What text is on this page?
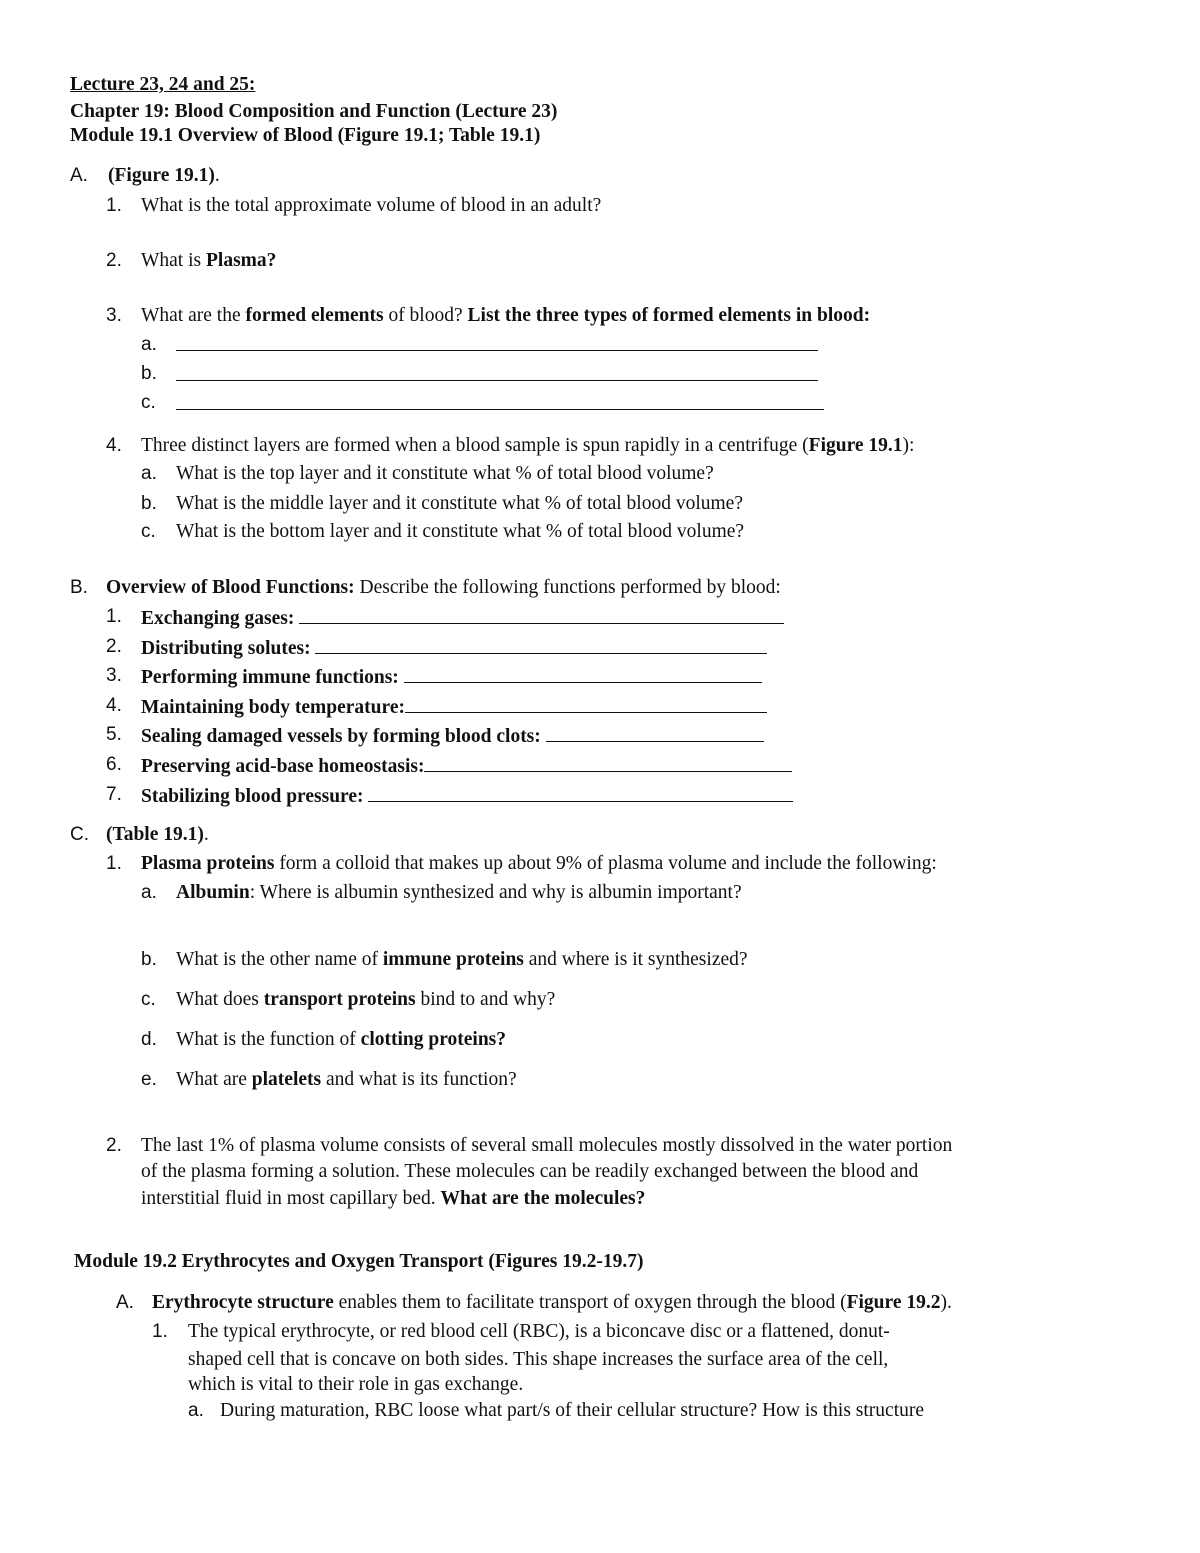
Lecture 23, 24 and 25:
Chapter 19: Blood Composition and Function (Lecture 23)
Module 19.1 Overview of Blood (Figure 19.1; Table 19.1)
A. (Figure 19.1).
1. What is the total approximate volume of blood in an adult?
2. What is Plasma?
3. What are the formed elements of blood? List the three types of formed elements in blood:
a.
b.
c.
4. Three distinct layers are formed when a blood sample is spun rapidly in a centrifuge (Figure 19.1):
a. What is the top layer and it constitute what % of total blood volume?
b. What is the middle layer and it constitute what % of total blood volume?
c. What is the bottom layer and it constitute what % of total blood volume?
B. Overview of Blood Functions: Describe the following functions performed by blood:
1. Exchanging gases:
2. Distributing solutes:
3. Performing immune functions:
4. Maintaining body temperature:
5. Sealing damaged vessels by forming blood clots:
6. Preserving acid-base homeostasis:
7. Stabilizing blood pressure:
C. (Table 19.1).
1. Plasma proteins form a colloid that makes up about 9% of plasma volume and include the following:
a. Albumin: Where is albumin synthesized and why is albumin important?
b. What is the other name of immune proteins and where is it synthesized?
c. What does transport proteins bind to and why?
d. What is the function of clotting proteins?
e. What are platelets and what is its function?
2. The last 1% of plasma volume consists of several small molecules mostly dissolved in the water portion
of the plasma forming a solution. These molecules can be readily exchanged between the blood and
interstitial fluid in most capillary bed. What are the molecules?
Module 19.2 Erythrocytes and Oxygen Transport (Figures 19.2-19.7)
A. Erythrocyte structure enables them to facilitate transport of oxygen through the blood (Figure 19.2).
1. The typical erythrocyte, or red blood cell (RBC), is a biconcave disc or a flattened, donut-
shaped cell that is concave on both sides. This shape increases the surface area of the cell,
which is vital to their role in gas exchange.
a. During maturation, RBC loose what part/s of their cellular structure? How is this structure
